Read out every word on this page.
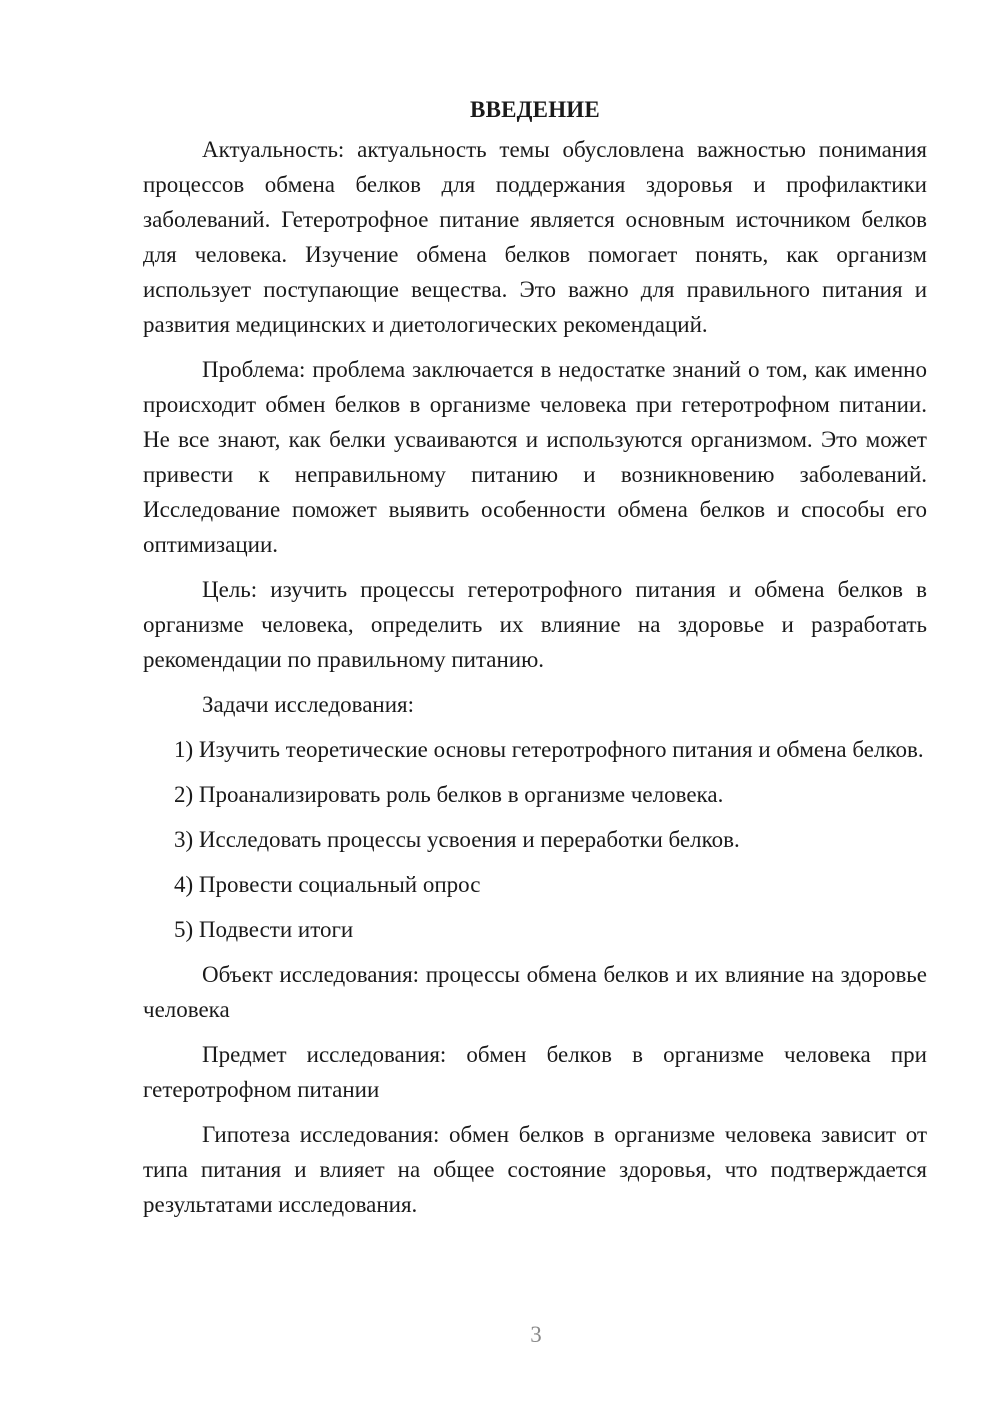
ВВЕДЕНИЕ

Актуальность: актуальность темы обусловлена важностью понимания процессов обмена белков для поддержания здоровья и профилактики заболеваний. Гетеротрофное питание является основным источником белков для человека. Изучение обмена белков помогает понять, как организм использует поступающие вещества. Это важно для правильного питания и развития медицинских и диетологических рекомендаций.

Проблема: проблема заключается в недостатке знаний о том, как именно происходит обмен белков в организме человека при гетеротрофном питании. Не все знают, как белки усваиваются и используются организмом. Это может привести к неправильному питанию и возникновению заболеваний. Исследование поможет выявить особенности обмена белков и способы его оптимизации.

Цель: изучить процессы гетеротрофного питания и обмена белков в организме человека, определить их влияние на здоровье и разработать рекомендации по правильному питанию.

Задачи исследования:

1) Изучить теоретические основы гетеротрофного питания и обмена белков.

2) Проанализировать роль белков в организме человека.

3) Исследовать процессы усвоения и переработки белков.

4) Провести социальный опрос

5) Подвести итоги

Объект исследования: процессы обмена белков и их влияние на здоровье человека

Предмет исследования: обмен белков в организме человека при гетеротрофном питании

Гипотеза исследования: обмен белков в организме человека зависит от типа питания и влияет на общее состояние здоровья, что подтверждается результатами исследования.

3
